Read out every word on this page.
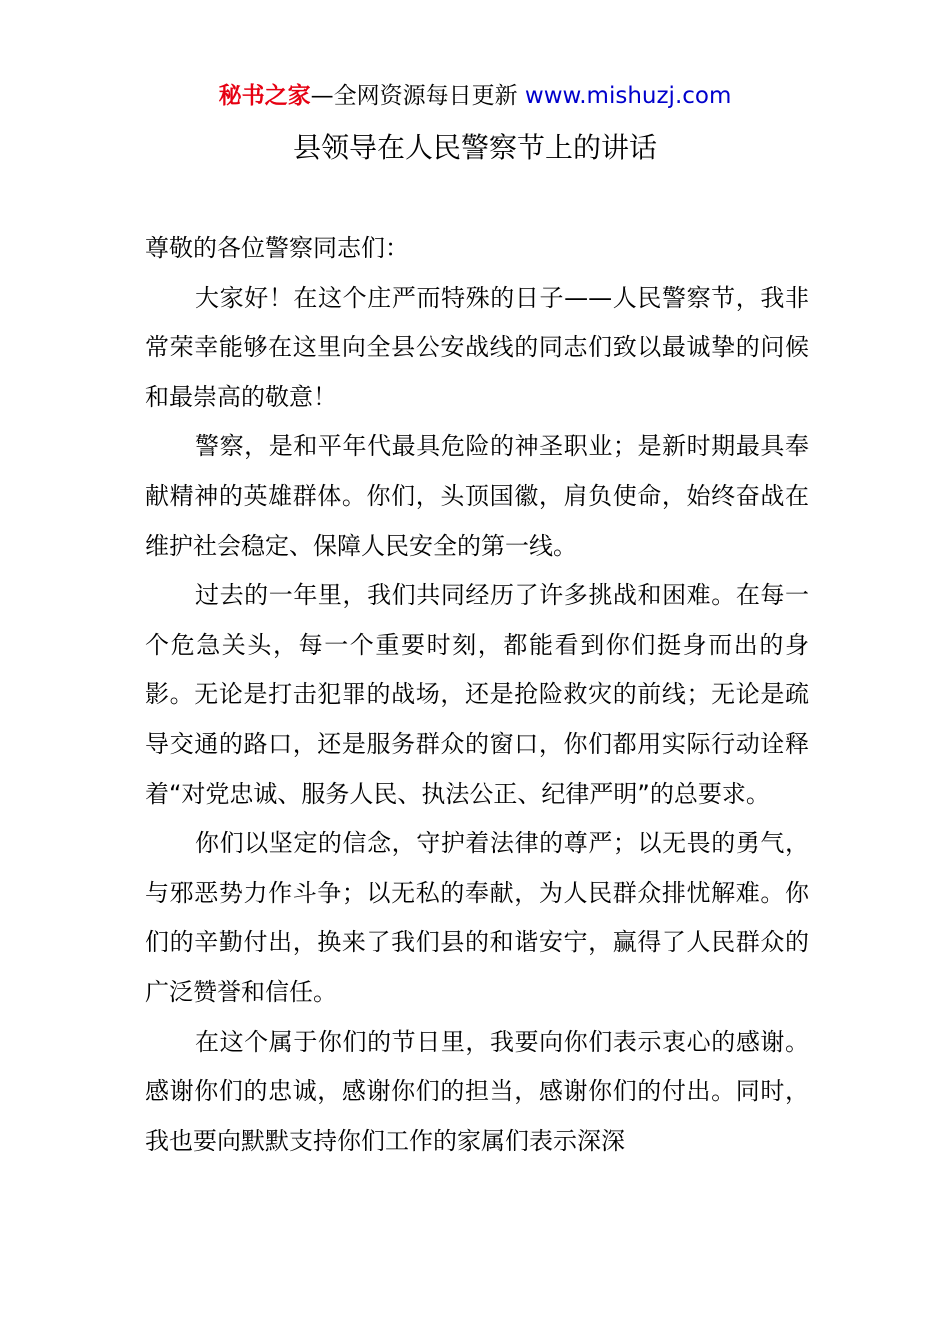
秘书之家—全网资源每日更新 www.mishuzj.com
县领导在人民警察节上的讲话

尊敬的各位警察同志们：

大家好！在这个庄严而特殊的日子——人民警察节，我非常荣幸能够在这里向全县公安战线的同志们致以最诚挚的问候和最崇高的敬意！

警察，是和平年代最具危险的神圣职业；是新时期最具奉献精神的英雄群体。你们，头顶国徽，肩负使命，始终奋战在维护社会稳定、保障人民安全的第一线。

过去的一年里，我们共同经历了许多挑战和困难。在每一个危急关头，每一个重要时刻，都能看到你们挺身而出的身影。无论是打击犯罪的战场，还是抢险救灾的前线；无论是疏导交通的路口，还是服务群众的窗口，你们都用实际行动诠释着“对党忠诚、服务人民、执法公正、纪律严明”的总要求。

你们以坚定的信念，守护着法律的尊严；以无畏的勇气，与邪恶势力作斗争；以无私的奉献，为人民群众排忧解难。你们的辛勤付出，换来了我们县的和谐安宁，赢得了人民群众的广泛赞誉和信任。

在这个属于你们的节日里，我要向你们表示衷心的感谢。感谢你们的忠诚，感谢你们的担当，感谢你们的付出。同时，我也要向默默支持你们工作的家属们表示深深
